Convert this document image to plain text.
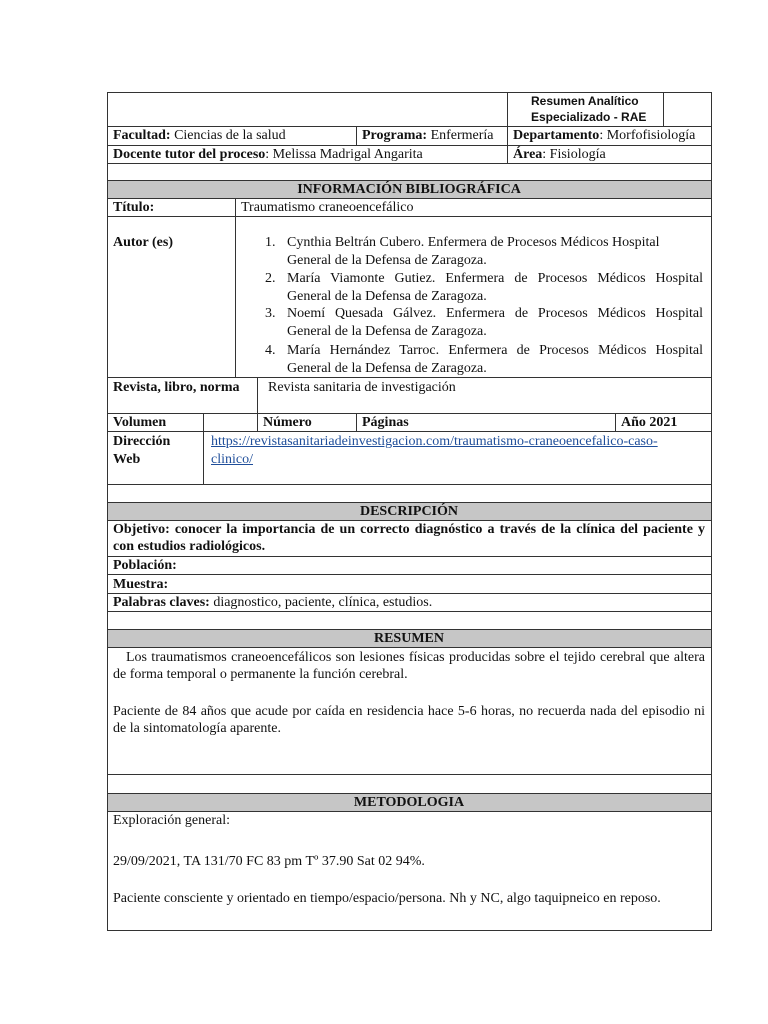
Resumen Analítico
Especializado - RAE
Facultad: Ciencias de la salud	Programa: Enfermería Departamento: Morfofisiología
Docente tutor del proceso: Melissa Madrigal Angarita	Área: Fisiología
INFORMACIÓN BIBLIOGRÁFICA
Título:	Traumatismo craneoencefálico
Autor (es)	1. Cynthia Beltrán Cubero. Enfermera de Procesos Médicos Hospital
General de la Defensa de Zaragoza.
2. María Viamonte Gutiez. Enfermera de Procesos Médicos Hospital
General de la Defensa de Zaragoza.
3. Noemí Quesada Gálvez. Enfermera de Procesos Médicos Hospital
General de la Defensa de Zaragoza.
4. María Hernández Tarroc. Enfermera de Procesos Médicos Hospital
General de la Defensa de Zaragoza.
Revista, libro, norma Revista sanitaria de investigación
Volumen	Número	Páginas	Año 2021
Dirección
Web
https://revistasanitariadeinvestigacion.com/traumatismo-craneoencefalico-caso-
clinico/
DESCRIPCIÓN
Objetivo: conocer la importancia de un correcto diagnóstico a través de la clínica del paciente y con estudios radiológicos.
Población:
Muestra:
Palabras claves: diagnostico, paciente, clínica, estudios.
RESUMEN
Los traumatismos craneoencefálicos son lesiones físicas producidas sobre el tejido cerebral que altera de forma temporal o permanente la función cerebral.
Paciente de 84 años que acude por caída en residencia hace 5-6 horas, no recuerda nada del episodio ni de la sintomatología aparente.
METODOLOGIA
Exploración general:
29/09/2021, TA 131/70 FC 83 pm Tº 37.90 Sat 02 94%.
Paciente consciente y orientado en tiempo/espacio/persona. Nh y NC, algo taquipneico en reposo.
